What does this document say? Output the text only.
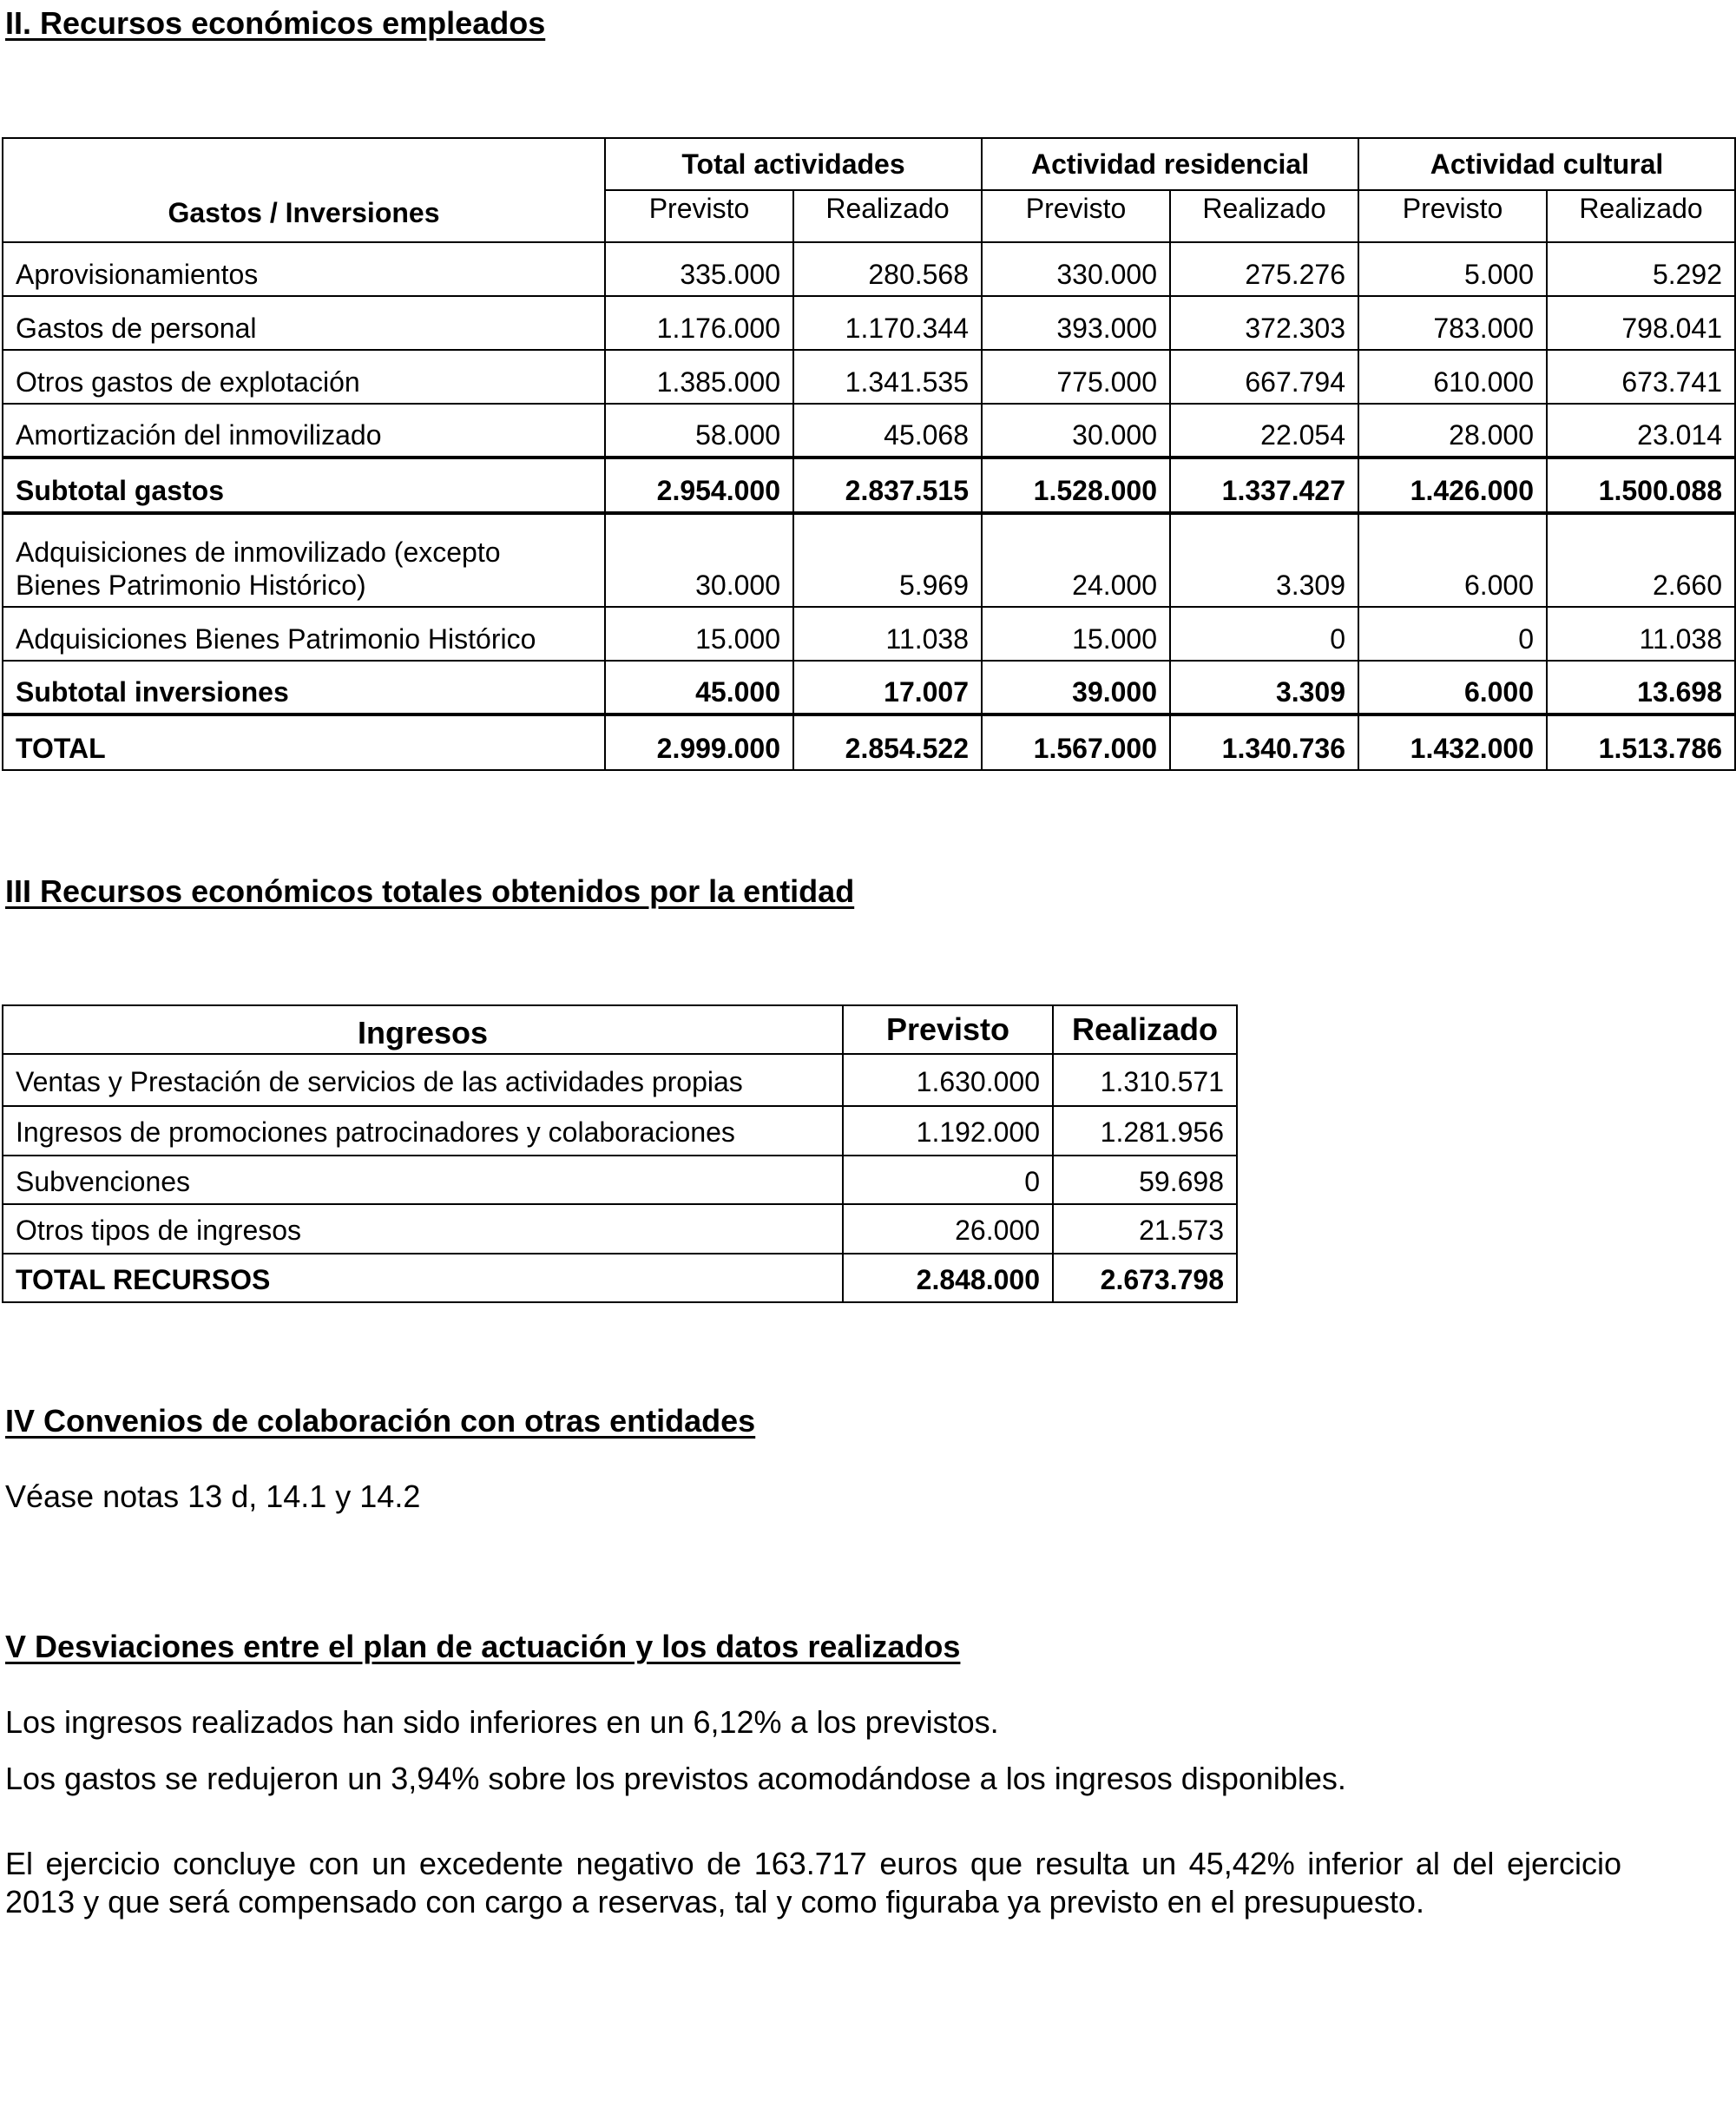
II. Recursos económicos empleados
Gastos / Inversiones	Total actividades		Actividad residencial		Actividad cultural	
	Previsto	Realizado	Previsto	Realizado	Previsto	Realizado
Aprovisionamientos	335.000	280.568	330.000	275.276	5.000	5.292
Gastos de personal	1.176.000	1.170.344	393.000	372.303	783.000	798.041
Otros gastos de explotación	1.385.000	1.341.535	775.000	667.794	610.000	673.741
Amortización del inmovilizado	58.000	45.068	30.000	22.054	28.000	23.014
Subtotal gastos	2.954.000	2.837.515	1.528.000	1.337.427	1.426.000	1.500.088
Adquisiciones de inmovilizado (excepto Bienes Patrimonio Histórico)	30.000	5.969	24.000	3.309	6.000	2.660
Adquisiciones Bienes Patrimonio Histórico	15.000	11.038	15.000	0	0	11.038
Subtotal inversiones	45.000	17.007	39.000	3.309	6.000	13.698
TOTAL	2.999.000	2.854.522	1.567.000	1.340.736	1.432.000	1.513.786
III Recursos económicos totales obtenidos por la entidad
Ingresos	Previsto	Realizado
Ventas y Prestación de servicios de las actividades propias	1.630.000	1.310.571
Ingresos de promociones patrocinadores y colaboraciones	1.192.000	1.281.956
Subvenciones	0	59.698
Otros tipos de ingresos	26.000	21.573
TOTAL RECURSOS	2.848.000	2.673.798
IV Convenios de colaboración con otras entidades

Véase notas 13 d, 14.1 y 14.2

V Desviaciones entre el plan de actuación y los datos realizados

Los ingresos realizados han sido inferiores en un 6,12% a los previstos.

Los gastos se redujeron un 3,94% sobre los previstos acomodándose a los ingresos disponibles.

El ejercicio concluye con un excedente negativo de 163.717 euros que resulta un 45,42% inferior al del ejercicio 2013 y que será compensado con cargo a reservas, tal y como figuraba ya previsto en el presupuesto.
